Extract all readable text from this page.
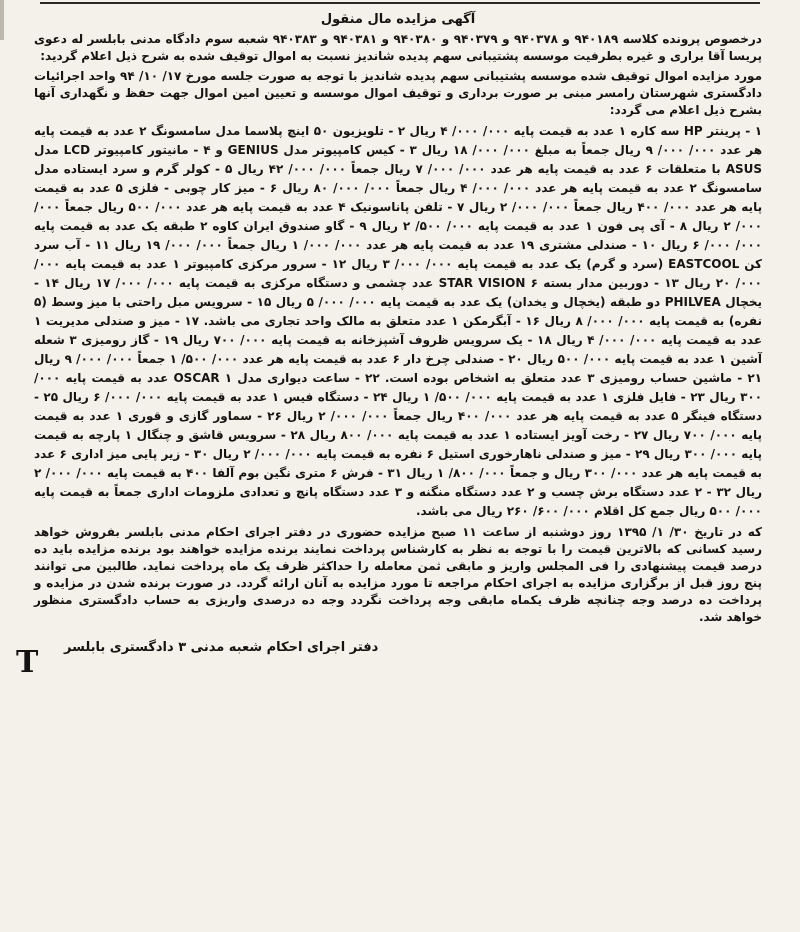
آگهی مزایده مال منقول

درخصوص پرونده کلاسه ۹۴۰۱۸۹ و ۹۴۰۳۷۸ و ۹۴۰۳۷۹ و ۹۴۰۳۸۰ و ۹۴۰۳۸۱ و ۹۴۰۳۸۳ شعبه سوم دادگاه مدنی بابلسر له دعوی پریسا آقا براری و غیره بطرفیت موسسه پشتیبانی سهم پدیده شاندیز نسبت به اموال توقیف شده به شرح ذیل اعلام گردید:

مورد مزایده اموال توقیف شده موسسه پشتیبانی سهم پدیده شاندیز با توجه به صورت جلسه مورخ ۱۷/ ۱۰/ ۹۴ واحد اجرائیات دادگستری شهرستان رامسر مبنی بر صورت برداری و توقیف اموال موسسه و تعیین امین اموال جهت حفظ و نگهداری آنها بشرح ذیل اعلام می گردد:

۱ - پرینتر HP سه کاره ۱ عدد به قیمت پایه ۰۰۰/ ۰۰۰/ ۴ ریال ۲ - تلویزیون ۵۰ اینچ پلاسما مدل سامسونگ ۲ عدد به قیمت پایه هر عدد ۰۰۰/ ۰۰۰/ ۹ ریال جمعاً به مبلغ ۰۰۰/ ۰۰۰/ ۱۸ ریال ۳ - کیس کامپیوتر مدل GENIUS و ۴ - مانیتور کامپیوتر LCD مدل ASUS با متعلقات ۶ عدد به قیمت پایه هر عدد ۰۰۰/ ۰۰۰/ ۷ ریال جمعاً ۰۰۰/ ۰۰۰/ ۴۲ ریال ۵ - کولر گرم و سرد ایستاده مدل سامسونگ ۲ عدد به قیمت پایه هر عدد ۰۰۰/ ۰۰۰/ ۴ ریال جمعاً ۰۰۰/ ۰۰۰/ ۸۰ ریال ۶ - میز کار چوبی - فلزی ۵ عدد به قیمت پایه هر عدد ۰۰۰/ ۴۰۰ ریال جمعاً ۰۰۰/ ۰۰۰/ ۲ ریال ۷ - تلفن پاناسونیک ۴ عدد به قیمت پایه هر عدد ۰۰۰/ ۵۰۰ ریال جمعاً ۰۰۰/ ۰۰۰/ ۲ ریال ۸ - آی پی فون ۱ عدد به قیمت پایه ۰۰۰/ ۵۰۰/ ۲ ریال ۹ - گاو صندوق ایران کاوه ۲ طبقه یک عدد به قیمت پایه ۰۰۰/ ۰۰۰/ ۶ ریال ۱۰ - صندلی مشتری ۱۹ عدد به قیمت پایه هر عدد ۰۰۰/ ۰۰۰/ ۱ ریال جمعاً ۰۰۰/ ۰۰۰/ ۱۹ ریال ۱۱ - آب سرد کن EASTCOOL (سرد و گرم) یک عدد به قیمت پایه ۰۰۰/ ۰۰۰/ ۳ ریال ۱۲ - سرور مرکزی کامپیوتر ۱ عدد به قیمت پایه ۰۰۰/ ۰۰۰/ ۲۰ ریال ۱۳ - دوربین مدار بسته STAR VISION ۶ عدد چشمی و دستگاه مرکزی به قیمت پایه ۰۰۰/ ۰۰۰/ ۱۷ ریال ۱۴ - یخچال PHILVEA دو طبقه (یخچال و یخدان) یک عدد به قیمت پایه ۰۰۰/ ۰۰۰/ ۵ ریال ۱۵ - سرویس مبل راحتی با میز وسط (۵ نفره) به قیمت پایه ۰۰۰/ ۰۰۰/ ۸ ریال ۱۶ - آبگرمکن ۱ عدد متعلق به مالک واحد تجاری می باشد. ۱۷ - میز و صندلی مدیریت ۱ عدد به قیمت پایه ۰۰۰/ ۰۰۰/ ۴ ریال ۱۸ - یک سرویس ظروف آشپزخانه به قیمت پایه ۰۰۰/ ۷۰۰ ریال ۱۹ - گاز رومیزی ۳ شعله آشین ۱ عدد به قیمت پایه ۰۰۰/ ۵۰۰ ریال ۲۰ - صندلی چرخ دار ۶ عدد به قیمت پایه هر عدد ۰۰۰/ ۵۰۰/ ۱ جمعاً ۰۰۰/ ۰۰۰/ ۹ ریال ۲۱ - ماشین حساب رومیزی ۳ عدد متعلق به اشخاص بوده است. ۲۲ - ساعت دیواری مدل OSCAR ۱ عدد به قیمت پایه ۰۰۰/ ۳۰۰ ریال ۲۳ - فایل فلزی ۱ عدد به قیمت پایه ۰۰۰/ ۵۰۰/ ۱ ریال ۲۴ - دستگاه فیس ۱ عدد به قیمت پایه ۰۰۰/ ۰۰۰/ ۶ ریال ۲۵ - دستگاه فینگر ۵ عدد به قیمت پایه هر عدد ۰۰۰/ ۴۰۰ ریال جمعاً ۰۰۰/ ۰۰۰/ ۲ ریال ۲۶ - سماور گازی و قوری ۱ عدد به قیمت پایه ۰۰۰/ ۷۰۰ ریال ۲۷ - رخت آویز ایستاده ۱ عدد به قیمت پایه ۰۰۰/ ۸۰۰ ریال ۲۸ - سرویس قاشق و چنگال ۱ پارچه به قیمت پایه ۰۰۰/ ۳۰۰ ریال ۲۹ - میز و صندلی ناهارخوری استیل ۶ نفره به قیمت پایه ۰۰۰/ ۰۰۰/ ۲ ریال ۳۰ - زیر پایی میز اداری ۶ عدد به قیمت پایه هر عدد ۰۰۰/ ۳۰۰ ریال و جمعاً ۰۰۰/ ۸۰۰/ ۱ ریال ۳۱ - فرش ۶ متری نگین بوم آلفا ۴۰۰ به قیمت پایه ۰۰۰/ ۰۰۰/ ۲ ریال ۳۲ - ۲ عدد دستگاه برش چسب و ۲ عدد دستگاه منگنه و ۳ عدد دستگاه پانچ و تعدادی ملزومات اداری جمعاً به قیمت پایه ۰۰۰/ ۵۰۰ ریال جمع کل اقلام ۰۰۰/ ۶۰۰/ ۲۶۰ ریال می باشد.

که در تاریخ ۳۰/ ۱/ ۱۳۹۵ روز دوشنبه از ساعت ۱۱ صبح مزایده حضوری در دفتر اجرای احکام مدنی بابلسر بفروش خواهد رسید کسانی که بالاترین قیمت را با توجه به نظر به کارشناس پرداخت نمایند برنده مزایده خواهند بود برنده مزایده باید ده درصد قیمت پیشنهادی را فی المجلس واریز و مابقی ثمن معامله را حداکثر ظرف یک ماه پرداخت نماید. طالبین می توانند پنج روز قبل از برگزاری مزایده به اجرای احکام مراجعه تا مورد مزایده به آنان ارائه گردد. در صورت برنده شدن در مزایده و پرداخت ده درصد وجه چنانچه ظرف یکماه مابقی وجه پرداخت نگردد وجه ده درصدی واریزی به حساب دادگستری منظور خواهد شد.

دفتر اجرای احکام شعبه مدنی ۳ دادگستری بابلسر
T
